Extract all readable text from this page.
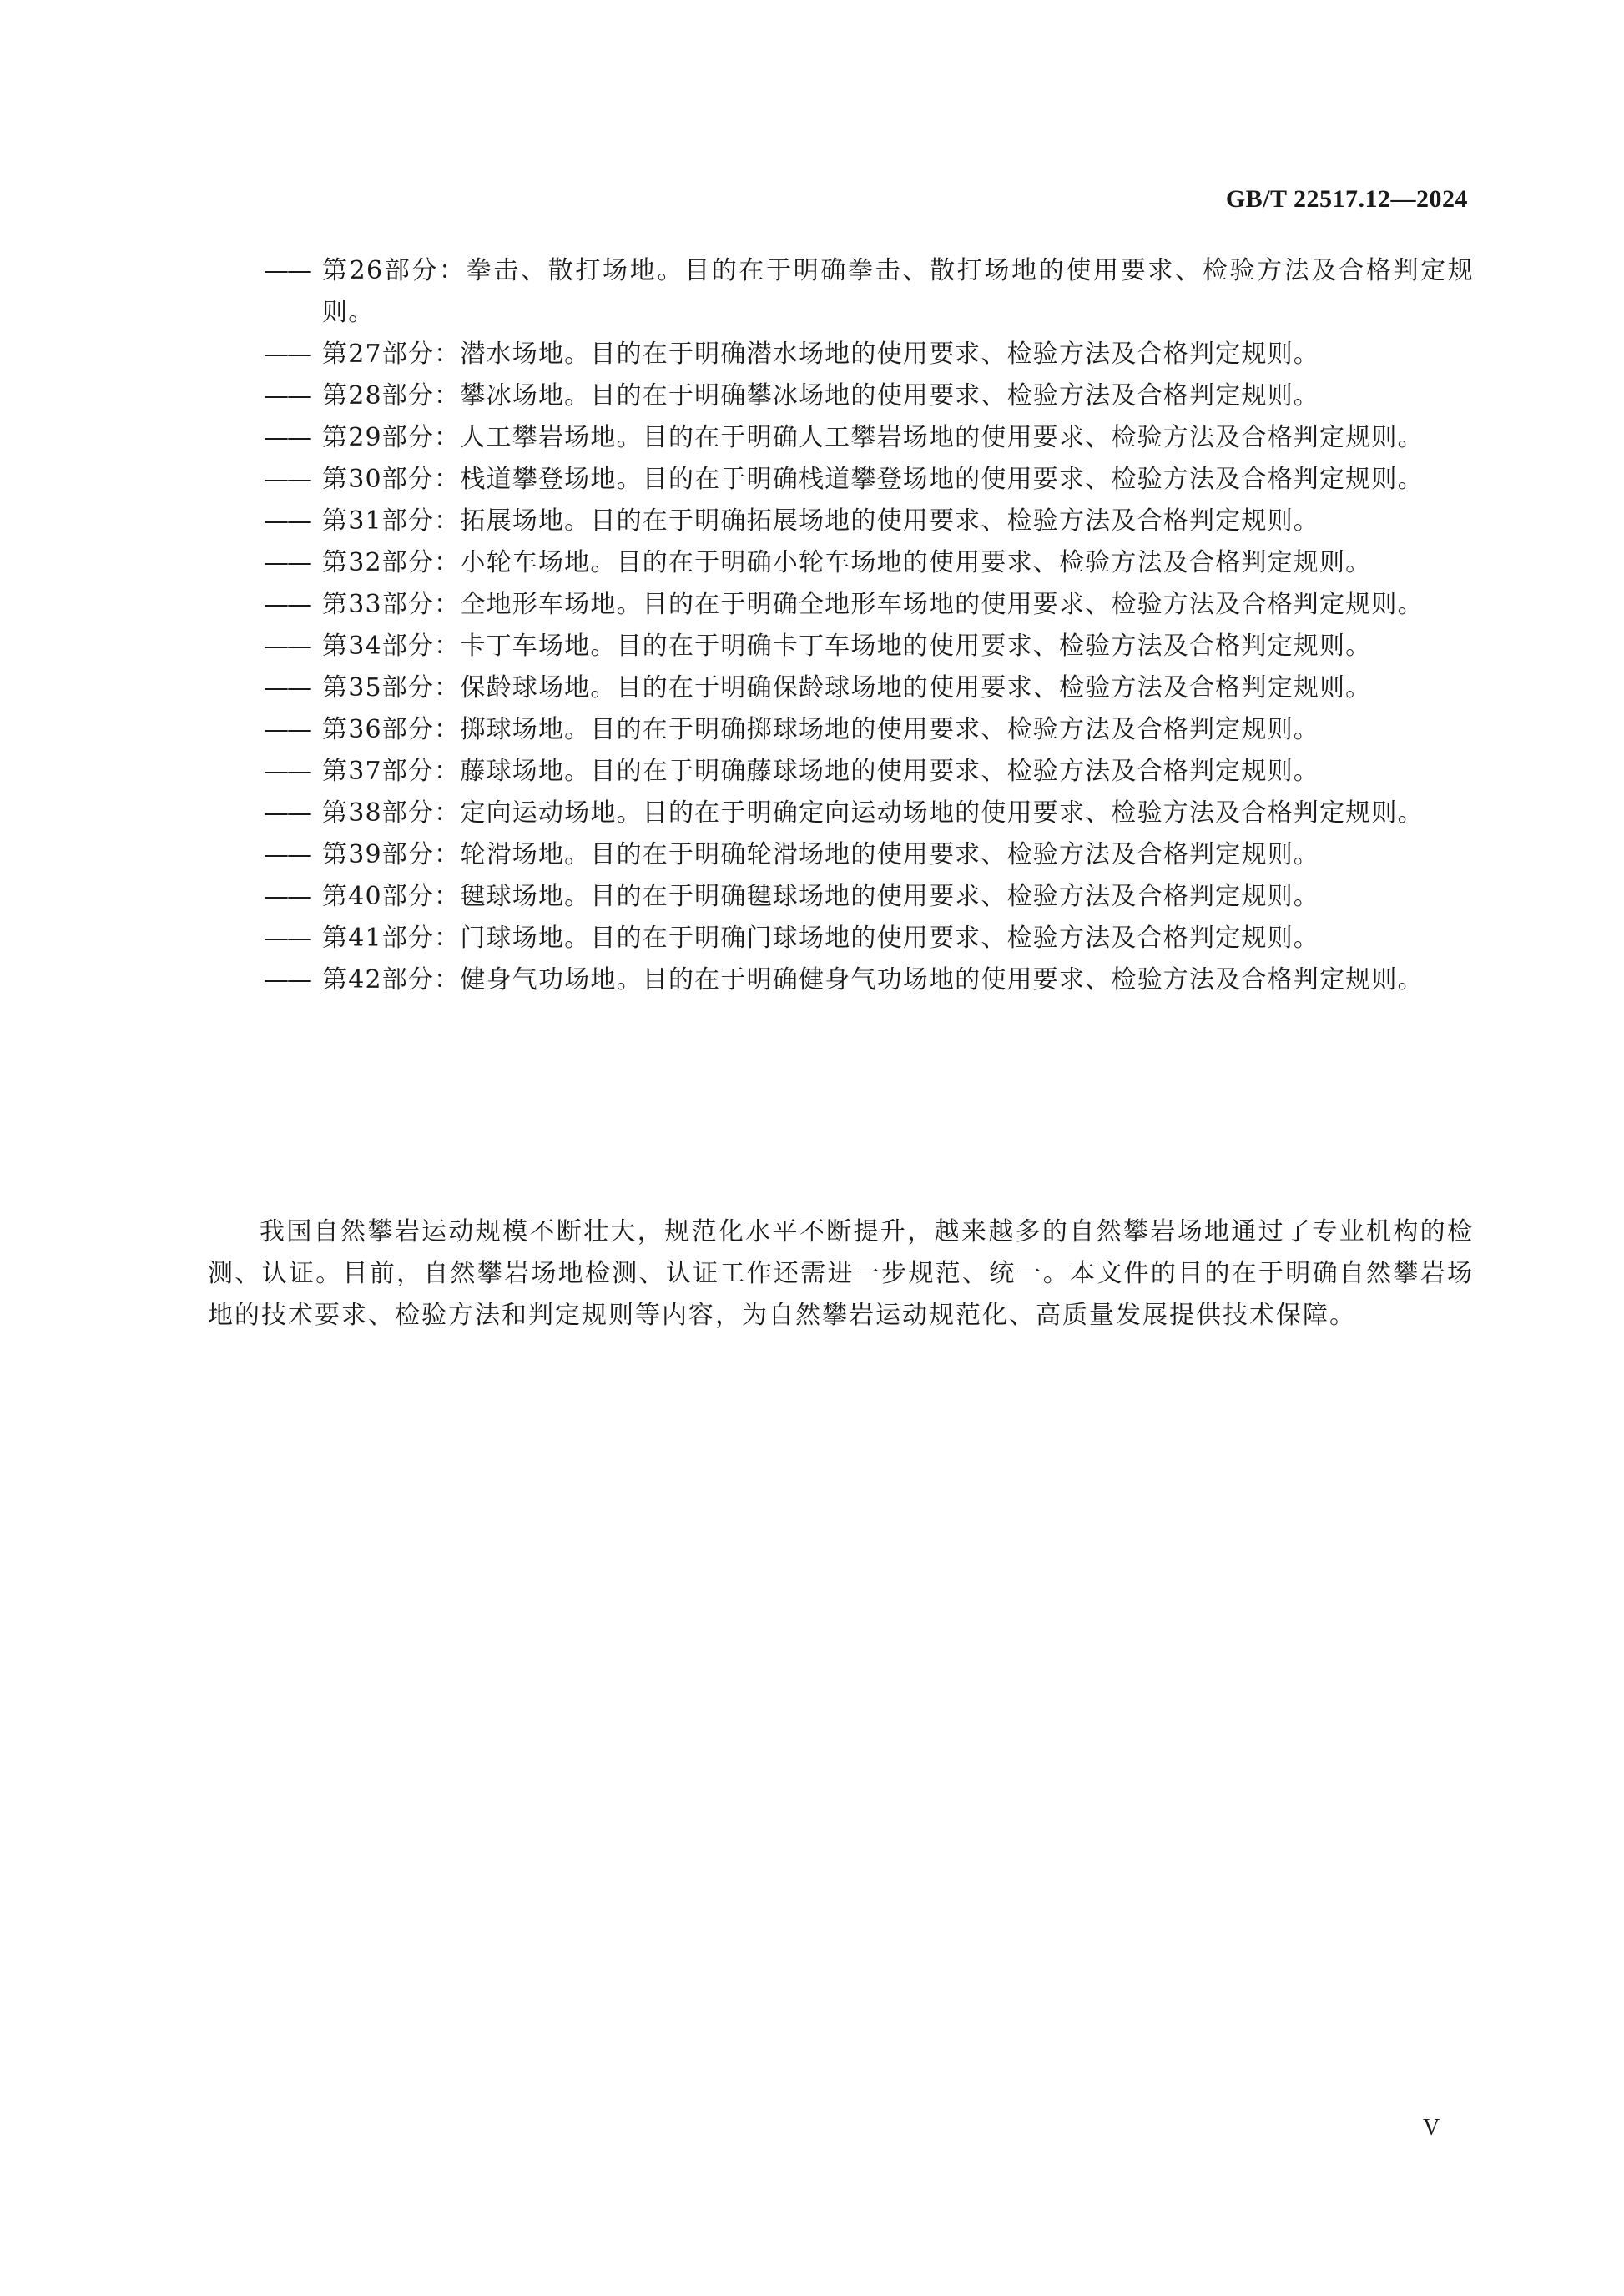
GB/T 22517.12—2024
—— 第26部分：拳击、散打场地。目的在于明确拳击、散打场地的使用要求、检验方法及合格判定规则。
—— 第27部分：潜水场地。目的在于明确潜水场地的使用要求、检验方法及合格判定规则。
—— 第28部分：攀冰场地。目的在于明确攀冰场地的使用要求、检验方法及合格判定规则。
—— 第29部分：人工攀岩场地。目的在于明确人工攀岩场地的使用要求、检验方法及合格判定规则。
—— 第30部分：栈道攀登场地。目的在于明确栈道攀登场地的使用要求、检验方法及合格判定规则。
—— 第31部分：拓展场地。目的在于明确拓展场地的使用要求、检验方法及合格判定规则。
—— 第32部分：小轮车场地。目的在于明确小轮车场地的使用要求、检验方法及合格判定规则。
—— 第33部分：全地形车场地。目的在于明确全地形车场地的使用要求、检验方法及合格判定规则。
—— 第34部分：卡丁车场地。目的在于明确卡丁车场地的使用要求、检验方法及合格判定规则。
—— 第35部分：保龄球场地。目的在于明确保龄球场地的使用要求、检验方法及合格判定规则。
—— 第36部分：掷球场地。目的在于明确掷球场地的使用要求、检验方法及合格判定规则。
—— 第37部分：藤球场地。目的在于明确藤球场地的使用要求、检验方法及合格判定规则。
—— 第38部分：定向运动场地。目的在于明确定向运动场地的使用要求、检验方法及合格判定规则。
—— 第39部分：轮滑场地。目的在于明确轮滑场地的使用要求、检验方法及合格判定规则。
—— 第40部分：毽球场地。目的在于明确毽球场地的使用要求、检验方法及合格判定规则。
—— 第41部分：门球场地。目的在于明确门球场地的使用要求、检验方法及合格判定规则。
—— 第42部分：健身气功场地。目的在于明确健身气功场地的使用要求、检验方法及合格判定规则。

我国自然攀岩运动规模不断壮大，规范化水平不断提升，越来越多的自然攀岩场地通过了专业机构的检测、认证。目前，自然攀岩场地检测、认证工作还需进一步规范、统一。本文件的目的在于明确自然攀岩场地的技术要求、检验方法和判定规则等内容，为自然攀岩运动规范化、高质量发展提供技术保障。

V
